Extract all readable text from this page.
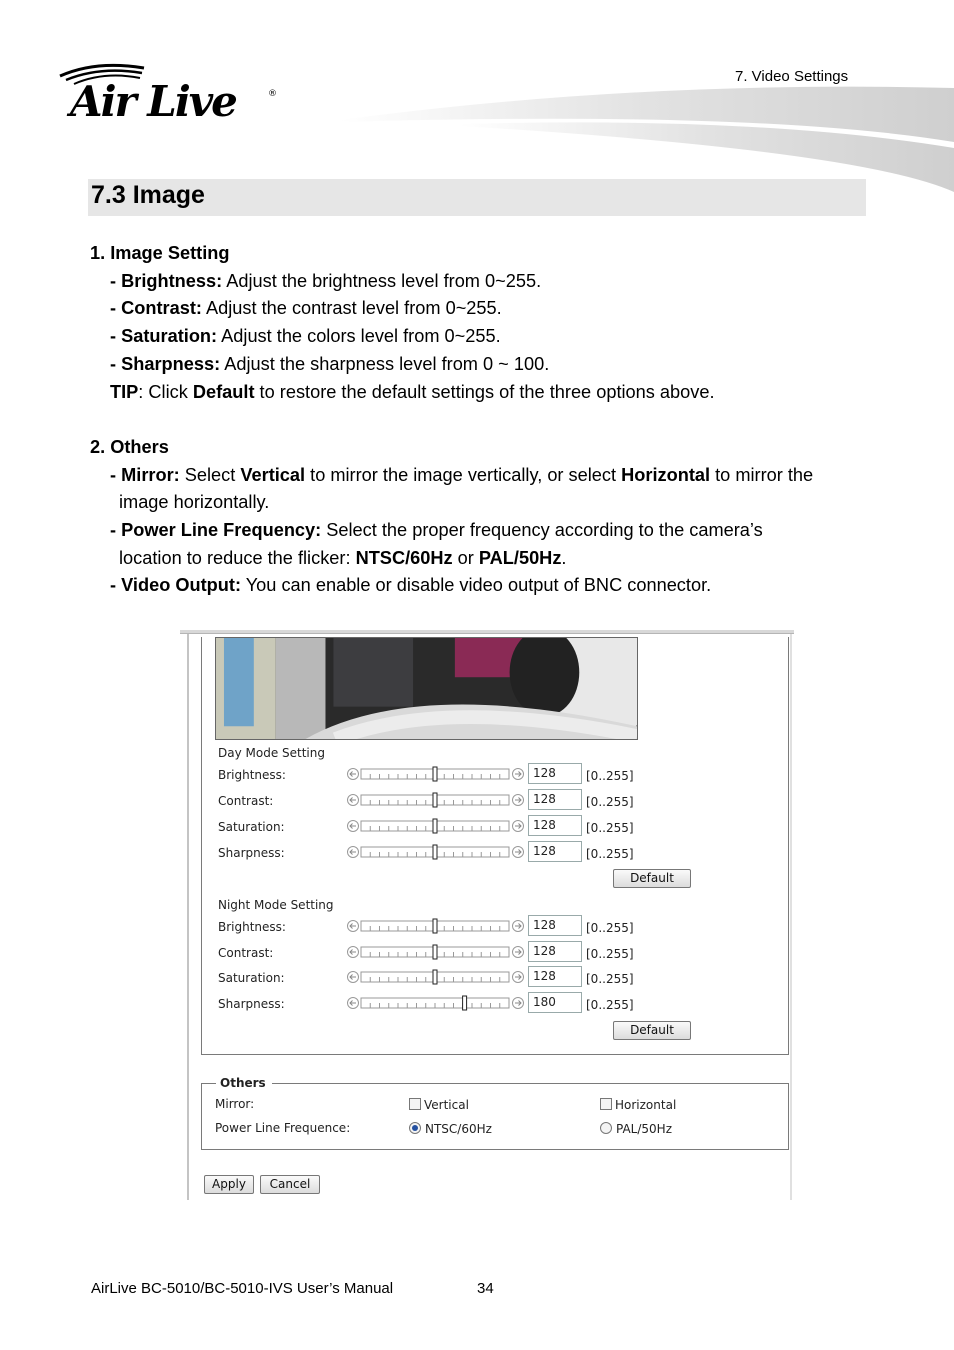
7. Video Settings
Air Live	®
7.3 Image
1. Image Setting
- Brightness: Adjust the brightness level from 0~255.
- Contrast: Adjust the contrast level from 0~255.
- Saturation: Adjust the colors level from 0~255.
- Sharpness: Adjust the sharpness level from 0 ~ 100.
TIP: Click Default to restore the default settings of the three options above.
2. Others
- Mirror: Select Vertical to mirror the image vertically, or select Horizontal to mirror the
image horizontally.
- Power Line Frequency: Select the proper frequency according to the camera’s
location to reduce the flicker: NTSC/60Hz or PAL/50Hz.
- Video Output: You can enable or disable video output of BNC connector.
Day Mode Setting
Brightness:	128	[0..255]
Contrast:	128	[0..255]
Saturation:	128	[0..255]
Sharpness:	128	[0..255]
Default
Night Mode Setting
Brightness:	128	[0..255]
Contrast:	128	[0..255]
Saturation:	128	[0..255]
Sharpness:	180	[0..255]
Default
Others
Mirror:	Vertical	Horizontal
Power Line Frequence:	NTSC/60Hz	PAL/50Hz
Apply	Cancel
AirLive BC-5010/BC-5010-IVS User’s Manual	34
